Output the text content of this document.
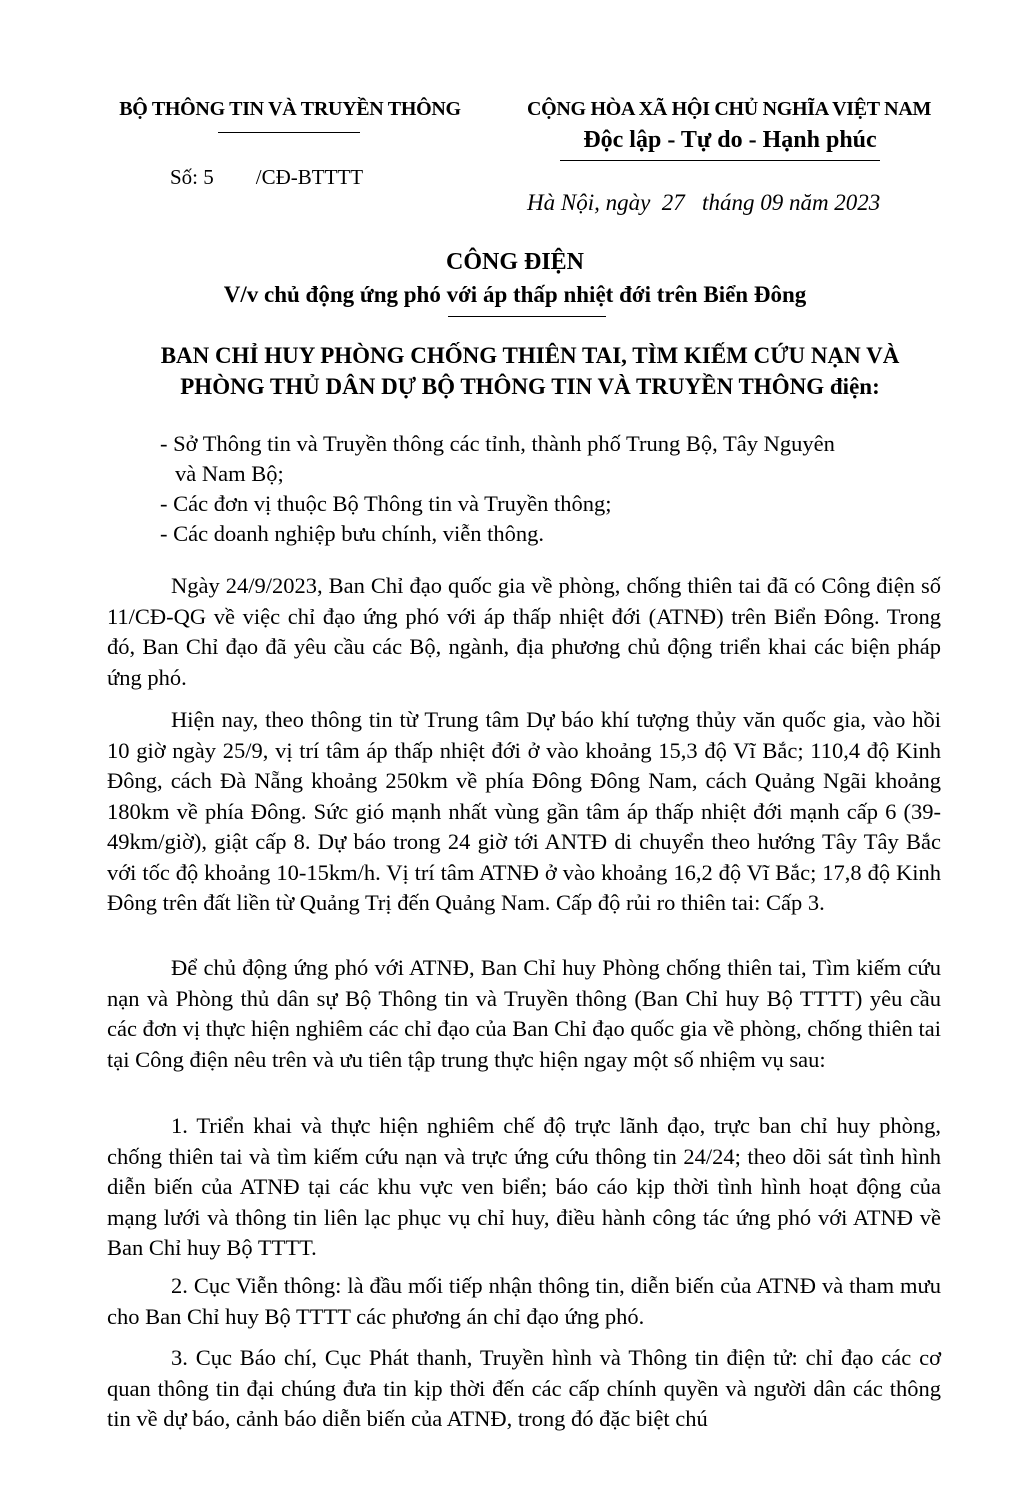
BỘ THÔNG TIN VÀ TRUYỀN THÔNG	CỘNG HÒA XÃ HỘI CHỦ NGHĨA VIỆT NAM
Độc lập - Tự do - Hạnh phúc
Số: 5        /CĐ-BTTTT
Hà Nội, ngày  27   tháng 09 năm 2023
CÔNG ĐIỆN
V/v chủ động ứng phó với áp thấp nhiệt đới trên Biển Đông
BAN CHỈ HUY PHÒNG CHỐNG THIÊN TAI, TÌM KIẾM CỨU NẠN VÀ
PHÒNG THỦ DÂN DỰ BỘ THÔNG TIN VÀ TRUYỀN THÔNG điện:
- Sở Thông tin và Truyền thông các tỉnh, thành phố Trung Bộ, Tây Nguyên
và Nam Bộ;
- Các đơn vị thuộc Bộ Thông tin và Truyền thông;
- Các doanh nghiệp bưu chính, viễn thông.
Ngày 24/9/2023, Ban Chỉ đạo quốc gia về phòng, chống thiên tai đã có Công điện số 11/CĐ-QG về việc chỉ đạo ứng phó với áp thấp nhiệt đới (ATNĐ) trên Biển Đông. Trong đó, Ban Chỉ đạo đã yêu cầu các Bộ, ngành, địa phương chủ động triển khai các biện pháp ứng phó.
Hiện nay, theo thông tin từ Trung tâm Dự báo khí tượng thủy văn quốc gia, vào hồi 10 giờ ngày 25/9, vị trí tâm áp thấp nhiệt đới ở vào khoảng 15,3 độ Vĩ Bắc; 110,4 độ Kinh Đông, cách Đà Nẵng khoảng 250km về phía Đông Đông Nam, cách Quảng Ngãi khoảng 180km về phía Đông. Sức gió mạnh nhất vùng gần tâm áp thấp nhiệt đới mạnh cấp 6 (39-49km/giờ), giật cấp 8. Dự báo trong 24 giờ tới ANTĐ di chuyển theo hướng Tây Tây Bắc với tốc độ khoảng 10-15km/h. Vị trí tâm ATNĐ ở vào khoảng 16,2 độ Vĩ Bắc; 17,8 độ Kinh Đông trên đất liền từ Quảng Trị đến Quảng Nam. Cấp độ rủi ro thiên tai: Cấp 3.
Để chủ động ứng phó với ATNĐ, Ban Chỉ huy Phòng chống thiên tai, Tìm kiếm cứu nạn và Phòng thủ dân sự Bộ Thông tin và Truyền thông (Ban Chỉ huy Bộ TTTT) yêu cầu các đơn vị thực hiện nghiêm các chỉ đạo của Ban Chỉ đạo quốc gia về phòng, chống thiên tai tại Công điện nêu trên và ưu tiên tập trung thực hiện ngay một số nhiệm vụ sau:
1. Triển khai và thực hiện nghiêm chế độ trực lãnh đạo, trực ban chỉ huy phòng, chống thiên tai và tìm kiếm cứu nạn và trực ứng cứu thông tin 24/24; theo dõi sát tình hình diễn biến của ATNĐ tại các khu vực ven biển; báo cáo kịp thời tình hình hoạt động của mạng lưới và thông tin liên lạc phục vụ chỉ huy, điều hành công tác ứng phó với ATNĐ về Ban Chỉ huy Bộ TTTT.
2. Cục Viễn thông: là đầu mối tiếp nhận thông tin, diễn biến của ATNĐ và tham mưu cho Ban Chỉ huy Bộ TTTT các phương án chỉ đạo ứng phó.
3. Cục Báo chí, Cục Phát thanh, Truyền hình và Thông tin điện tử: chỉ đạo các cơ quan thông tin đại chúng đưa tin kịp thời đến các cấp chính quyền và người dân các thông tin về dự báo, cảnh báo diễn biến của ATNĐ, trong đó đặc biệt chú
